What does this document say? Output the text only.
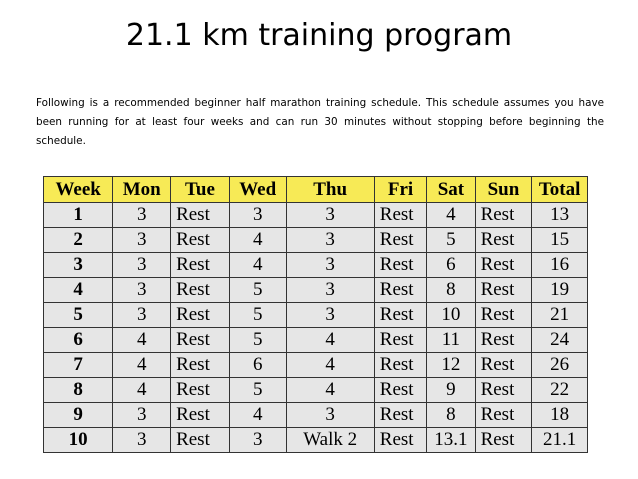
21.1 km training program

Following is a recommended beginner half marathon training schedule. This schedule assumes you have been running for at least four weeks and can run 30 minutes without stopping before beginning the schedule.

Week	Mon	Tue	Wed	Thu	Fri	Sat	Sun	Total
1	3	Rest	3	3	Rest	4	Rest	13
2	3	Rest	4	3	Rest	5	Rest	15
3	3	Rest	4	3	Rest	6	Rest	16
4	3	Rest	5	3	Rest	8	Rest	19
5	3	Rest	5	3	Rest	10	Rest	21
6	4	Rest	5	4	Rest	11	Rest	24
7	4	Rest	6	4	Rest	12	Rest	26
8	4	Rest	5	4	Rest	9	Rest	22
9	3	Rest	4	3	Rest	8	Rest	18
10	3	Rest	3	Walk 2	Rest	13.1	Rest	21.1
